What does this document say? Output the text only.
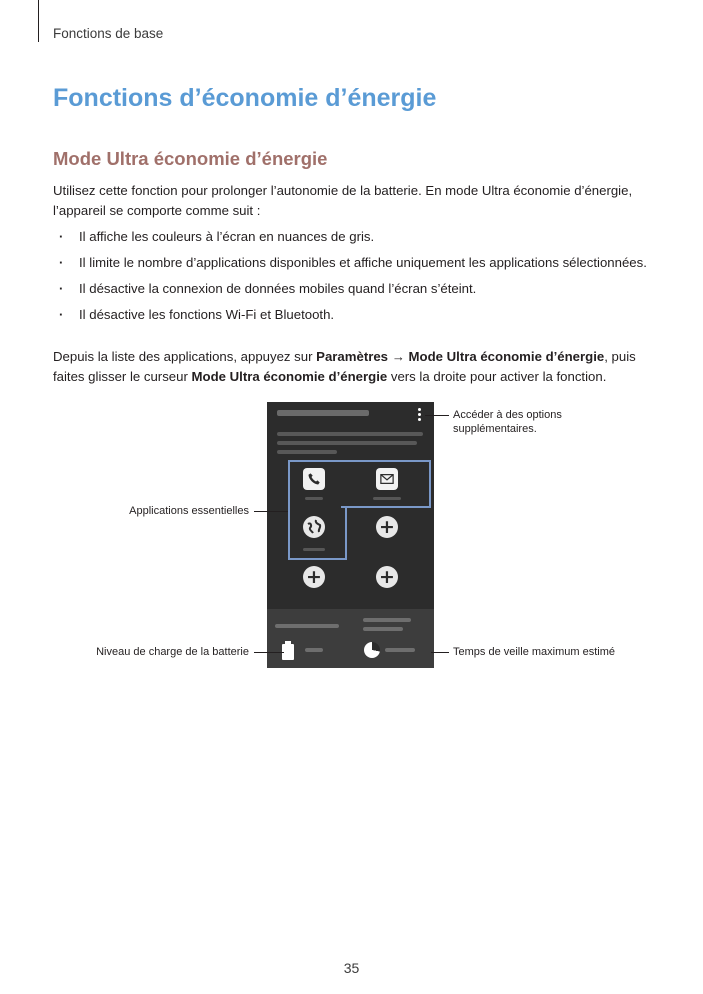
Fonctions de base
Fonctions d’économie d’énergie
Mode Ultra économie d’énergie

Utilisez cette fonction pour prolonger l’autonomie de la batterie. En mode Ultra économie d’énergie, l’appareil se comporte comme suit :

· Il affiche les couleurs à l’écran en nuances de gris.
· Il limite le nombre d’applications disponibles et affiche uniquement les applications sélectionnées.
· Il désactive la connexion de données mobiles quand l’écran s’éteint.
· Il désactive les fonctions Wi-Fi et Bluetooth.

Depuis la liste des applications, appuyez sur Paramètres → Mode Ultra économie d’énergie, puis faites glisser le curseur Mode Ultra économie d’énergie vers la droite pour activer la fonction.

+
+	+
Accéder à des options supplémentaires.
Applications essentielles
Niveau de charge de la batterie	Temps de veille maximum estimé
35
